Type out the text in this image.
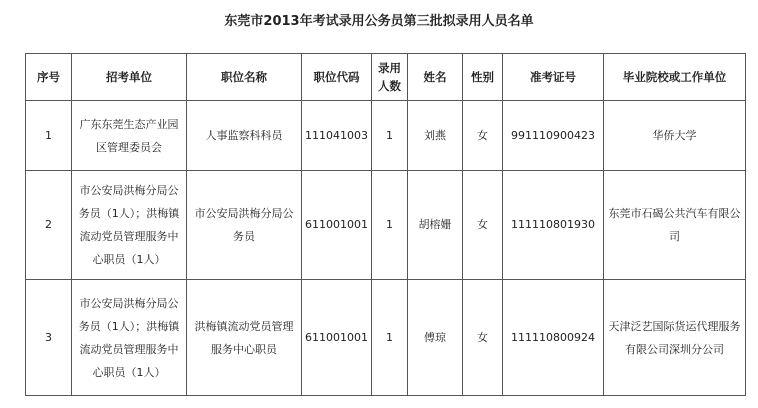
东莞市2013年考试录用公务员第三批拟录用人员名单
序号	招考单位	职位名称	职位代码	录用人数	姓名	性别	准考证号	毕业院校或工作单位
1	广东东莞生态产业园区管理委员会	人事监察科科员	111041003	1	刘燕	女	991110900423	华侨大学
2	市公安局洪梅分局公务员（1人）；洪梅镇流动党员管理服务中心职员（1人）	市公安局洪梅分局公务员	611001001	1	胡榕姗	女	111110801930	东莞市石碣公共汽车有限公司
3	市公安局洪梅分局公务员（1人）；洪梅镇流动党员管理服务中心职员（1人）	洪梅镇流动党员管理服务中心职员	611001001	1	傅琼	女	111110800924	天津泛艺国际货运代理服务有限公司深圳分公司
